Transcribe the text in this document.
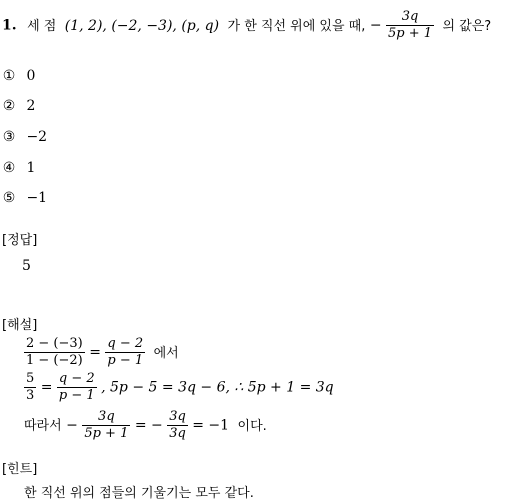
1. 세 점 (1, 2), (−2, −3), (p, q) 가 한 직선 위에 있을 때, − $\frac{3q}{5p + 1}$ 의 값은?
① 0
② 2
③ −2
④ 1
⑤ −1
[정답]
5
[해설]
$\frac{2 - (-3)}{1 - (-2)} = \frac{q - 2}{p - 1}$ 에서
$\frac{5}{3} = \frac{q - 2}{p - 1}$ , 5p − 5 = 3q − 6, ∴ 5p + 1 = 3q
따라서 − $\frac{3q}{5p + 1}$ = − $\frac{3q}{3q} = -1$ 이다.
[힌트]
한 직선 위의 점들의 기울기는 모두 같다.
